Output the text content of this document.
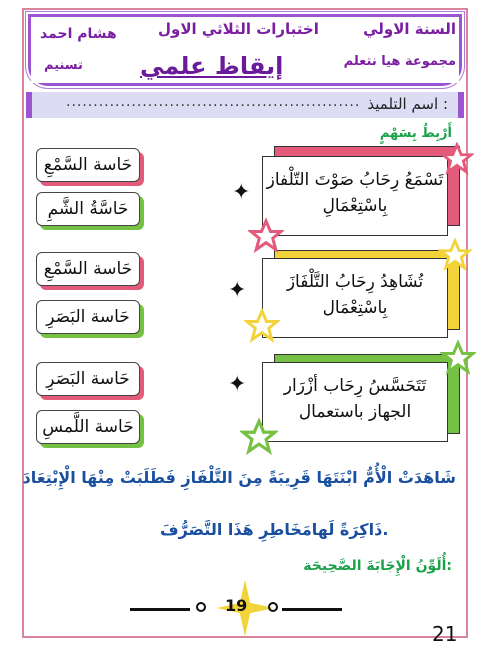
السنة الاولي
اختبارات الثلاثي الاول
هشام احمد
مجموعة هيا نتعلم
تسنيم إيقاظ علمي
اسم التلميذ :
......................................................
أَرْبِطُ بِسَهْمٍ
حَاسة السَّمْعِ
حَاسَّةُ الشَّمِ
حَاسة السَّمْعِ
حَاسة البَصَرِ
حَاسة البَصَرِ
حَاسة اللَّمسِ
تَسْمَعُ رِحَابُ صَوْتَ التّلْفاز
بِاسْتِعْمَالِ
تُشَاهِدُ رِحَابُ التَّلْفَازَ
بِاسْتِعْمَال
تَتَحَسَّسُ رِحَاب أزْرَار
الجهاز باستعمال
✦
✦
✦
شَاهَدَتْ الْأُمُّ ابْنَتَهَا قَرِيبَةً مِنَ التَّلْفَازِ فَطَلَبَتْ مِنْهَا الْإِبْتِعَادَ
ذَاكِرَةً لَهامَخَاطِرِ هَذَا التَّصَرُّفَ.
أُلَوِّنُ الْإِجَابَةَ الصَّحِيحَة:
19
21
